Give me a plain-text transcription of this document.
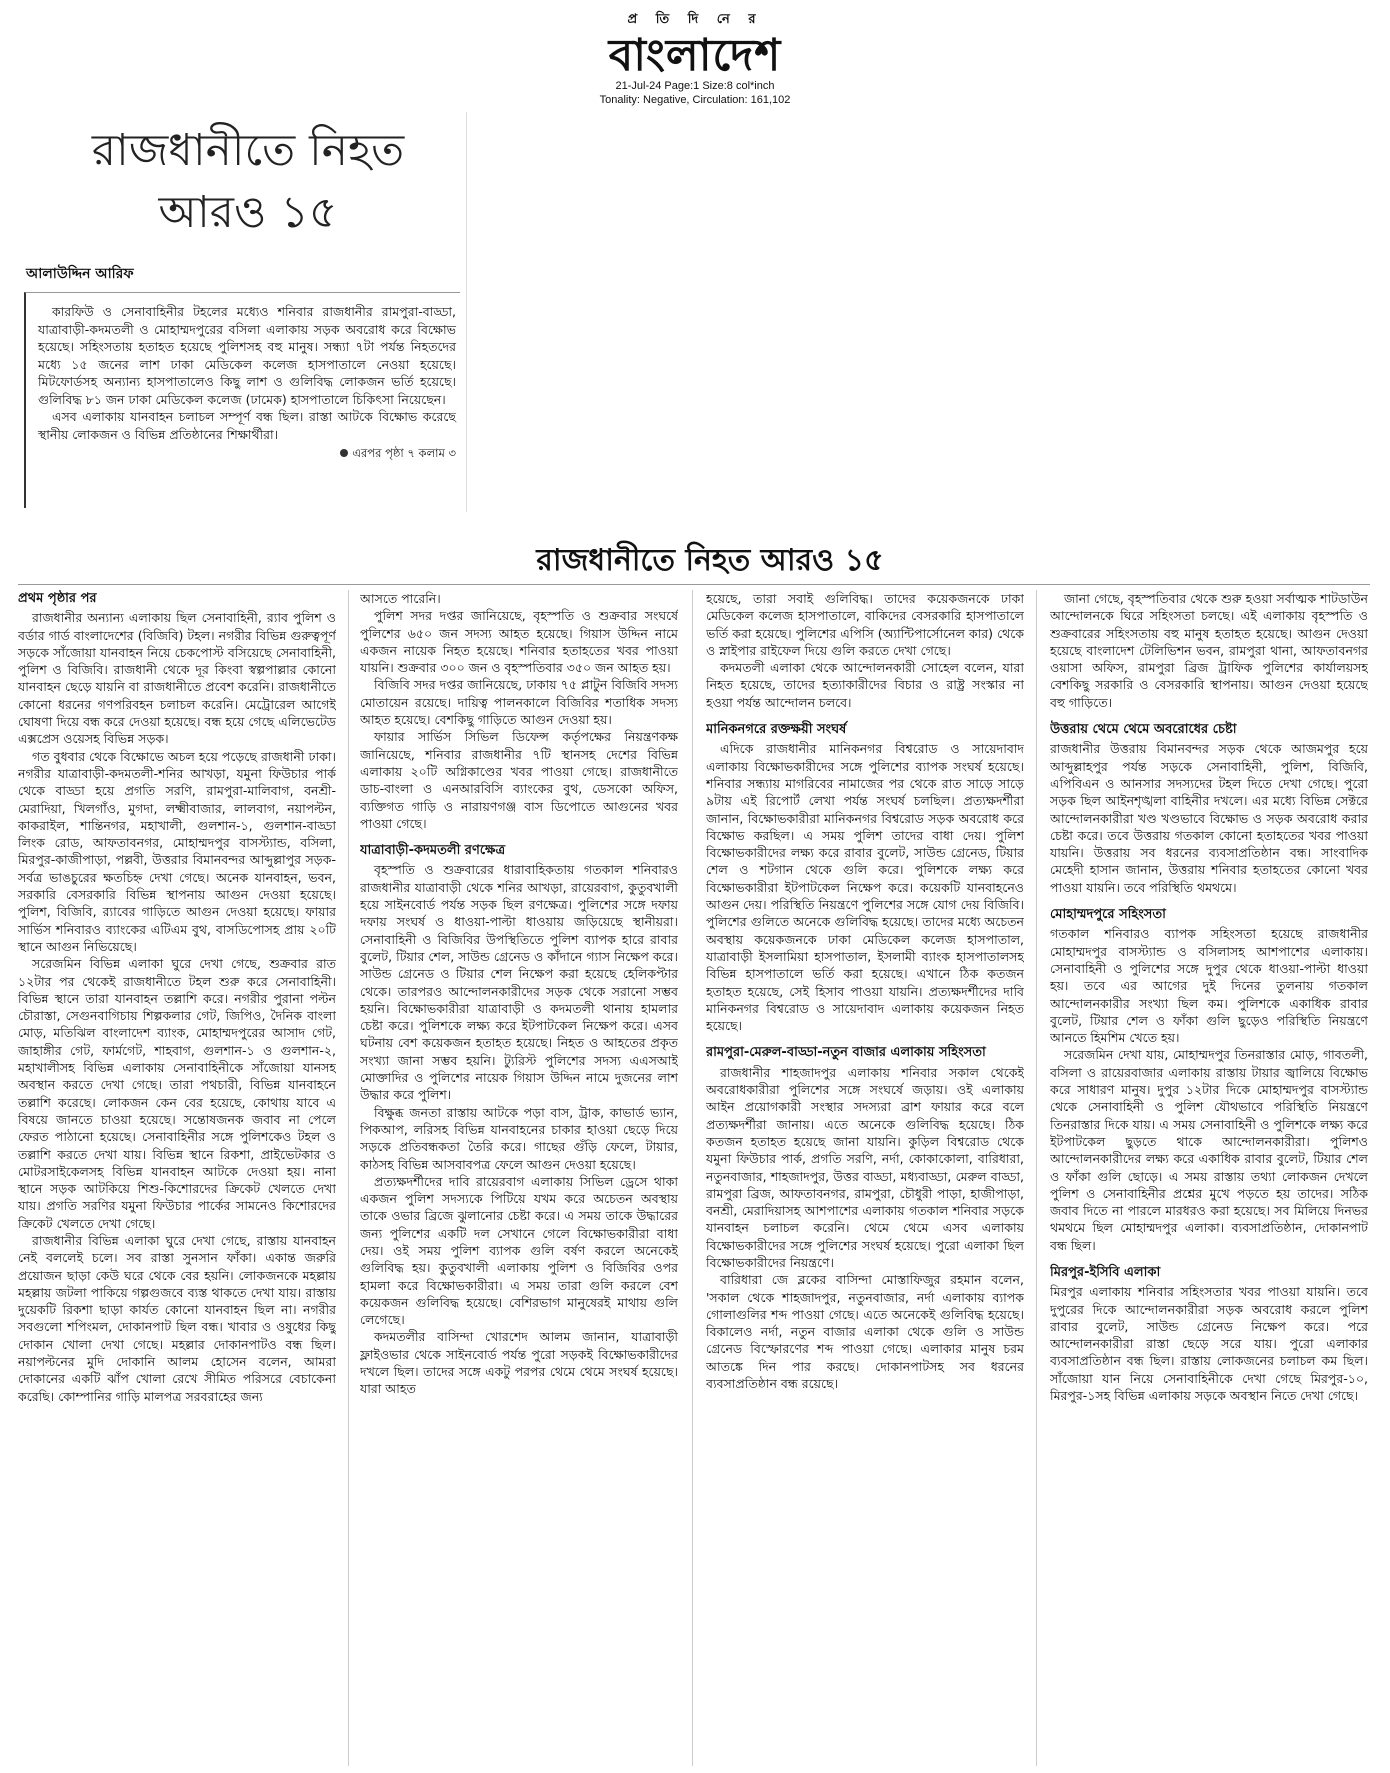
প্র তি দি নে র
বাংলাদেশ
21-Jul-24 Page:1 Size:8 col*inch
Tonality: Negative, Circulation: 161,102
রাজধানীতে নিহত
আরও ১৫
আলাউদ্দিন আরিফ

কারফিউ ও সেনাবাহিনীর টহলের মধ্যেও শনিবার রাজধানীর রামপুরা-বাড্ডা, যাত্রাবাড়ী-কদমতলী ও মোহাম্মদপুরের বসিলা এলাকায় সড়ক অবরোধ করে বিক্ষোভ হয়েছে। সহিংসতায় হতাহত হয়েছে পুলিশসহ বহু মানুষ। সন্ধ্যা ৭টা পর্যন্ত নিহতদের মধ্যে ১৫ জনের লাশ ঢাকা মেডিকেল কলেজ হাসপাতালে নেওয়া হয়েছে। মিটফোর্ডসহ অন্যান্য হাসপাতালেও কিছু লাশ ও গুলিবিদ্ধ লোকজন ভর্তি হয়েছে। গুলিবিদ্ধ ৮১ জন ঢাকা মেডিকেল কলেজ (ঢামেক) হাসপাতালে চিকিৎসা নিয়েছেন।

এসব এলাকায় যানবাহন চলাচল সম্পূর্ণ বন্ধ ছিল। রাস্তা আটকে বিক্ষোভ করেছে স্থানীয় লোকজন ও বিভিন্ন প্রতিষ্ঠানের শিক্ষার্থীরা।

এরপর পৃষ্ঠা ৭ কলাম ৩
রাজধানীতে নিহত আরও ১৫
প্রথম পৃষ্ঠার পর

রাজধানীর অন্যান্য এলাকায় ছিল সেনাবাহিনী, র‍্যাব পুলিশ ও বর্ডার গার্ড বাংলাদেশের (বিজিবি) টহল। নগরীর বিভিন্ন গুরুত্বপূর্ণ সড়কে সাঁজোয়া যানবাহন নিয়ে চেকপোস্ট বসিয়েছে সেনাবাহিনী, পুলিশ ও বিজিবি। রাজধানী থেকে দূর কিংবা স্বল্পপাল্লার কোনো যানবাহন ছেড়ে যায়নি বা রাজধানীতে প্রবেশ করেনি। রাজধানীতে কোনো ধরনের গণপরিবহন চলাচল করেনি। মেট্রোরেল আগেই ঘোষণা দিয়ে বন্ধ করে দেওয়া হয়েছে। বন্ধ হয়ে গেছে এলিভেটেড এক্সপ্রেস ওয়েসহ বিভিন্ন সড়ক।

গত বুধবার থেকে বিক্ষোভে অচল হয়ে পড়েছে রাজধানী ঢাকা। নগরীর যাত্রাবাড়ী-কদমতলী-শনির আখড়া, যমুনা ফিউচার পার্ক থেকে বাড্ডা হয়ে প্রগতি সরণি, রামপুরা-মালিবাগ, বনশ্রী-মেরাদিয়া, খিলগাঁও, মুগদা, লক্ষ্মীবাজার, লালবাগ, নয়াপল্টন, কাকরাইল, শান্তিনগর, মহাখালী, গুলশান-১, গুলশান-বাড্ডা লিংক রোড, আফতাবনগর, মোহাম্মদপুর বাসস্ট্যান্ড, বসিলা, মিরপুর-কাজীপাড়া, পল্লবী, উত্তরার বিমানবন্দর আব্দুল্লাপুর সড়ক-সর্বত্র ভাঙচুরের ক্ষতচিহ্ন দেখা গেছে। অনেক যানবাহন, ভবন, সরকারি বেসরকারি বিভিন্ন স্থাপনায় আগুন দেওয়া হয়েছে। পুলিশ, বিজিবি, র‍্যাবের গাড়িতে আগুন দেওয়া হয়েছে। ফায়ার সার্ভিস শনিবারও ব্যাংকের এটিএম বুথ, বাসডিপোসহ প্রায় ২০টি স্থানে আগুন নিভিয়েছে।

সরেজমিন বিভিন্ন এলাকা ঘুরে দেখা গেছে, শুক্রবার রাত ১২টার পর থেকেই রাজধানীতে টহল শুরু করে সেনাবাহিনী। বিভিন্ন স্থানে তারা যানবাহন তল্লাশি করে। নগরীর পুরানা পল্টন চৌরাস্তা, সেগুনবাগিচায় শিল্পকলার গেট, জিপিও, দৈনিক বাংলা মোড়, মতিঝিল বাংলাদেশ ব্যাংক, মোহাম্মদপুরের আসাদ গেট, জাহাঙ্গীর গেট, ফার্মগেট, শাহবাগ, গুলশান-১ ও গুলশান-২, মহাখালীসহ বিভিন্ন এলাকায় সেনাবাহিনীকে সাঁজোয়া যানসহ অবস্থান করতে দেখা গেছে। তারা পথচারী, বিভিন্ন যানবাহনে তল্লাশি করেছে। লোকজন কেন বের হয়েছে, কোথায় যাবে এ বিষয়ে জানতে চাওয়া হয়েছে। সন্তোষজনক জবাব না পেলে ফেরত পাঠানো হয়েছে। সেনাবাহিনীর সঙ্গে পুলিশকেও টহল ও তল্লাশি করতে দেখা যায়। বিভিন্ন স্থানে রিকশা, প্রাইভেটকার ও মোটরসাইকেলসহ বিভিন্ন যানবাহন আটকে দেওয়া হয়। নানা স্থানে সড়ক আটকিয়ে শিশু-কিশোরদের ক্রিকেট খেলতে দেখা যায়। প্রগতি সরণির যমুনা ফিউচার পার্কের সামনেও কিশোরদের ক্রিকেট খেলতে দেখা গেছে।

রাজধানীর বিভিন্ন এলাকা ঘুরে দেখা গেছে, রাস্তায় যানবাহন নেই বললেই চলে। সব রাস্তা সুনসান ফাঁকা। একান্ত জরুরি প্রয়োজন ছাড়া কেউ ঘরে থেকে বের হয়নি। লোকজনকে মহল্লায় মহল্লায় জটলা পাকিয়ে গল্পগুজবে ব্যস্ত থাকতে দেখা যায়। রাস্তায় দুয়েকটি রিকশা ছাড়া কার্যত কোনো যানবাহন ছিল না। নগরীর সবগুলো শপিংমল, দোকানপাট ছিল বন্ধ। খাবার ও ওষুধের কিছু দোকান খোলা দেখা গেছে। মহল্লার দোকানপাটও বন্ধ ছিল। নয়াপল্টনের মুদি দোকানি আলম হোসেন বলেন, আমরা দোকানের একটি ঝাঁপ খোলা রেখে সীমিত পরিসরে বেচাকেনা করেছি। কোম্পানির গাড়ি মালপত্র সরবরাহের জন্য

আসতে পারেনি।

পুলিশ সদর দপ্তর জানিয়েছে, বৃহস্পতি ও শুক্রবার সংঘর্ষে পুলিশের ৬৫০ জন সদস্য আহত হয়েছে। গিয়াস উদ্দিন নামে একজন নায়েক নিহত হয়েছে। শনিবার হতাহতের খবর পাওয়া যায়নি। শুক্রবার ৩০০ জন ও বৃহস্পতিবার ৩৫০ জন আহত হয়।

বিজিবি সদর দপ্তর জানিয়েছে, ঢাকায় ৭৫ প্লাটুন বিজিবি সদস্য মোতায়েন রয়েছে। দায়িত্ব পালনকালে বিজিবির শতাধিক সদস্য আহত হয়েছে। বেশকিছু গাড়িতে আগুন দেওয়া হয়।

ফায়ার সার্ভিস সিভিল ডিফেন্স কর্তৃপক্ষের নিয়ন্ত্রণকক্ষ জানিয়েছে, শনিবার রাজধানীর ৭টি স্থানসহ দেশের বিভিন্ন এলাকায় ২০টি অগ্নিকাণ্ডের খবর পাওয়া গেছে। রাজধানীতে ডাচ-বাংলা ও এনআরবিসি ব্যাংকের বুথ, ডেসকো অফিস, ব্যক্তিগত গাড়ি ও নারায়ণগঞ্জ বাস ডিপোতে আগুনের খবর পাওয়া গেছে।

যাত্রাবাড়ী-কদমতলী রণক্ষেত্র

বৃহস্পতি ও শুক্রবারের ধারাবাহিকতায় গতকাল শনিবারও রাজধানীর যাত্রাবাড়ী থেকে শনির আখড়া, রায়েরবাগ, কুতুবখালী হয়ে সাইনবোর্ড পর্যন্ত সড়ক ছিল রণক্ষেত্র। পুলিশের সঙ্গে দফায় দফায় সংঘর্ষ ও ধাওয়া-পাল্টা ধাওয়ায় জড়িয়েছে স্থানীয়রা। সেনাবাহিনী ও বিজিবির উপস্থিতিতে পুলিশ ব্যাপক হারে রাবার বুলেট, টিয়ার শেল, সাউন্ড গ্রেনেড ও কাঁদানে গ্যাস নিক্ষেপ করে। সাউন্ড গ্রেনেড ও টিয়ার শেল নিক্ষেপ করা হয়েছে হেলিকপ্টার থেকে। তারপরও আন্দোলনকারীদের সড়ক থেকে সরানো সম্ভব হয়নি। বিক্ষোভকারীরা যাত্রাবাড়ী ও কদমতলী থানায় হামলার চেষ্টা করে। পুলিশকে লক্ষ্য করে ইটপাটকেল নিক্ষেপ করে। এসব ঘটনায় বেশ কয়েকজন হতাহত হয়েছে। নিহত ও আহতের প্রকৃত সংখ্যা জানা সম্ভব হয়নি। ট্যুরিস্ট পুলিশের সদস্য এএসআই মোক্তাদির ও পুলিশের নায়েক গিয়াস উদ্দিন নামে দুজনের লাশ উদ্ধার করে পুলিশ।

বিক্ষুব্ধ জনতা রাস্তায় আটকে পড়া বাস, ট্রাক, কাভার্ড ভ্যান, পিকআপ, লরিসহ বিভিন্ন যানবাহনের চাকার হাওয়া ছেড়ে দিয়ে সড়কে প্রতিবন্ধকতা তৈরি করে। গাছের গুঁড়ি ফেলে, টায়ার, কাঠসহ বিভিন্ন আসবাবপত্র ফেলে আগুন দেওয়া হয়েছে।

প্রত্যক্ষদর্শীদের দাবি রায়েরবাগ এলাকায় সিভিল ড্রেসে থাকা একজন পুলিশ সদস্যকে পিটিয়ে যখম করে অচেতন অবস্থায় তাকে ওভার ব্রিজে ঝুলানোর চেষ্টা করে। এ সময় তাকে উদ্ধারের জন্য পুলিশের একটি দল সেখানে গেলে বিক্ষোভকারীরা বাধা দেয়। ওই সময় পুলিশ ব্যাপক গুলি বর্ষণ করলে অনেকেই গুলিবিদ্ধ হয়। কুতুবখালী এলাকায় পুলিশ ও বিজিবির ওপর হামলা করে বিক্ষোভকারীরা। এ সময় তারা গুলি করলে বেশ কয়েকজন গুলিবিদ্ধ হয়েছে। বেশিরভাগ মানুষেরই মাথায় গুলি লেগেছে।

কদমতলীর বাসিন্দা খোরশেদ আলম জানান, যাত্রাবাড়ী ফ্লাইওভার থেকে সাইনবোর্ড পর্যন্ত পুরো সড়কই বিক্ষোভকারীদের দখলে ছিল। তাদের সঙ্গে একটু পরপর থেমে থেমে সংঘর্ষ হয়েছে। যারা আহত

হয়েছে, তারা সবাই গুলিবিদ্ধ। তাদের কয়েকজনকে ঢাকা মেডিকেল কলেজ হাসপাতালে, বাকিদের বেসরকারি হাসপাতালে ভর্তি করা হয়েছে। পুলিশের এপিসি (অ্যান্টিপার্সোনেল কার) থেকে ও স্নাইপার রাইফেল দিয়ে গুলি করতে দেখা গেছে।

কদমতলী এলাকা থেকে আন্দোলনকারী সোহেল বলেন, যারা নিহত হয়েছে, তাদের হত্যাকারীদের বিচার ও রাষ্ট্র সংস্কার না হওয়া পর্যন্ত আন্দোলন চলবে।

মানিকনগরে রক্তক্ষয়ী সংঘর্ষ

এদিকে রাজধানীর মানিকনগর বিশ্বরোড ও সায়েদাবাদ এলাকায় বিক্ষোভকারীদের সঙ্গে পুলিশের ব্যাপক সংঘর্ষ হয়েছে। শনিবার সন্ধ্যায় মাগরিবের নামাজের পর থেকে রাত সাড়ে সাড়ে ৯টায় এই রিপোর্ট লেখা পর্যন্ত সংঘর্ষ চলছিল। প্রত্যক্ষদর্শীরা জানান, বিক্ষোভকারীরা মানিকনগর বিশ্বরোড সড়ক অবরোধ করে বিক্ষোভ করছিল। এ সময় পুলিশ তাদের বাধা দেয়। পুলিশ বিক্ষোভকারীদের লক্ষ্য করে রাবার বুলেট, সাউন্ড গ্রেনেড, টিয়ার শেল ও শটগান থেকে গুলি করে। পুলিশকে লক্ষ্য করে বিক্ষোভকারীরা ইটপাটকেল নিক্ষেপ করে। কয়েকটি যানবাহনেও আগুন দেয়। পরিস্থিতি নিয়ন্ত্রণে পুলিশের সঙ্গে যোগ দেয় বিজিবি। পুলিশের গুলিতে অনেকে গুলিবিদ্ধ হয়েছে। তাদের মধ্যে অচেতন অবস্থায় কয়েকজনকে ঢাকা মেডিকেল কলেজ হাসপাতাল, যাত্রাবাড়ী ইসলামিয়া হাসপাতাল, ইসলামী ব্যাংক হাসপাতালসহ বিভিন্ন হাসপাতালে ভর্তি করা হয়েছে। এখানে ঠিক কতজন হতাহত হয়েছে, সেই হিসাব পাওয়া যায়নি। প্রত্যক্ষদর্শীদের দাবি মানিকনগর বিশ্বরোড ও সায়েদাবাদ এলাকায় কয়েকজন নিহত হয়েছে।

রামপুরা-মেরুল-বাড্ডা-নতুন বাজার এলাকায় সহিংসতা

রাজধানীর শাহজাদপুর এলাকায় শনিবার সকাল থেকেই অবরোধকারীরা পুলিশের সঙ্গে সংঘর্ষে জড়ায়। ওই এলাকায় আইন প্রয়োগকারী সংস্থার সদস্যরা ব্রাশ ফায়ার করে বলে প্রত্যক্ষদর্শীরা জানায়। এতে অনেকে গুলিবিদ্ধ হয়েছে। ঠিক কতজন হতাহত হয়েছে জানা যায়নি। কুড়িল বিশ্বরোড থেকে যমুনা ফিউচার পার্ক, প্রগতি সরণি, নর্দা, কোকাকোলা, বারিধারা, নতুনবাজার, শাহজাদপুর, উত্তর বাড্ডা, মধ্যবাড্ডা, মেরুল বাড্ডা, রামপুরা ব্রিজ, আফতাবনগর, রামপুরা, চৌধুরী পাড়া, হাজীপাড়া, বনশ্রী, মেরাদিয়াসহ আশপাশের এলাকায় গতকাল শনিবার সড়কে যানবাহন চলাচল করেনি। থেমে থেমে এসব এলাকায় বিক্ষোভকারীদের সঙ্গে পুলিশের সংঘর্ষ হয়েছে। পুরো এলাকা ছিল বিক্ষোভকারীদের নিয়ন্ত্রণে।

বারিধারা জে ব্লকের বাসিন্দা মোস্তাফিজুর রহমান বলেন, 'সকাল থেকে শাহজাদপুর, নতুনবাজার, নর্দা এলাকায় ব্যাপক গোলাগুলির শব্দ পাওয়া গেছে। এতে অনেকেই গুলিবিদ্ধ হয়েছে। বিকালেও নর্দা, নতুন বাজার এলাকা থেকে গুলি ও সাউন্ড গ্রেনেড বিস্ফোরণের শব্দ পাওয়া গেছে। এলাকার মানুষ চরম আতঙ্কে দিন পার করছে। দোকানপাটসহ সব ধরনের ব্যবসাপ্রতিষ্ঠান বন্ধ রয়েছে।

জানা গেছে, বৃহস্পতিবার থেকে শুরু হওয়া সর্বাত্মক শাটডাউন আন্দোলনকে ঘিরে সহিংসতা চলছে। এই এলাকায় বৃহস্পতি ও শুক্রবারের সহিংসতায় বহু মানুষ হতাহত হয়েছে। আগুন দেওয়া হয়েছে বাংলাদেশ টেলিভিশন ভবন, রামপুরা থানা, আফতাবনগর ওয়াসা অফিস, রামপুরা ব্রিজ ট্রাফিক পুলিশের কার্যালয়সহ বেশকিছু সরকারি ও বেসরকারি স্থাপনায়। আগুন দেওয়া হয়েছে বহু গাড়িতে।

উত্তরায় থেমে থেমে অবরোধের চেষ্টা

রাজধানীর উত্তরায় বিমানবন্দর সড়ক থেকে আজমপুর হয়ে আব্দুল্লাহপুর পর্যন্ত সড়কে সেনাবাহিনী, পুলিশ, বিজিবি, এপিবিএন ও আনসার সদস্যদের টহল দিতে দেখা গেছে। পুরো সড়ক ছিল আইনশৃঙ্খলা বাহিনীর দখলে। এর মধ্যে বিভিন্ন সেক্টরে আন্দোলনকারীরা খণ্ড খণ্ডভাবে বিক্ষোভ ও সড়ক অবরোধ করার চেষ্টা করে। তবে উত্তরায় গতকাল কোনো হতাহতের খবর পাওয়া যায়নি। উত্তরায় সব ধরনের ব্যবসাপ্রতিষ্ঠান বন্ধ। সাংবাদিক মেহেদী হাসান জানান, উত্তরায় শনিবার হতাহতের কোনো খবর পাওয়া যায়নি। তবে পরিস্থিতি থমথমে।

মোহাম্মদপুরে সহিংসতা

গতকাল শনিবারও ব্যাপক সহিংসতা হয়েছে রাজধানীর মোহাম্মদপুর বাসস্ট্যান্ড ও বসিলাসহ আশপাশের এলাকায়। সেনাবাহিনী ও পুলিশের সঙ্গে দুপুর থেকে ধাওয়া-পাল্টা ধাওয়া হয়। তবে এর আগের দুই দিনের তুলনায় গতকাল আন্দোলনকারীর সংখ্যা ছিল কম। পুলিশকে একাধিক রাবার বুলেট, টিয়ার শেল ও ফাঁকা গুলি ছুড়েও পরিস্থিতি নিয়ন্ত্রণে আনতে হিমশিম খেতে হয়।

সরেজমিন দেখা যায়, মোহাম্মদপুর তিনরাস্তার মোড়, গাবতলী, বসিলা ও রায়েরবাজার এলাকায় রাস্তায় টায়ার জ্বালিয়ে বিক্ষোভ করে সাধারণ মানুষ। দুপুর ১২টার দিকে মোহাম্মদপুর বাসস্ট্যান্ড থেকে সেনাবাহিনী ও পুলিশ যৌথভাবে পরিস্থিতি নিয়ন্ত্রণে তিনরাস্তার দিকে যায়। এ সময় সেনাবাহিনী ও পুলিশকে লক্ষ্য করে ইটপাটকেল ছুড়তে থাকে আন্দোলনকারীরা। পুলিশও আন্দোলনকারীদের লক্ষ্য করে একাধিক রাবার বুলেট, টিয়ার শেল ও ফাঁকা গুলি ছোড়ে। এ সময় রাস্তায় তথ্যা লোকজন দেখলে পুলিশ ও সেনাবাহিনীর প্রশ্নের মুখে পড়তে হয় তাদের। সঠিক জবাব দিতে না পারলে মারধরও করা হয়েছে। সব মিলিয়ে দিনভর থমথমে ছিল মোহাম্মদপুর এলাকা। ব্যবসাপ্রতিষ্ঠান, দোকানপাট বন্ধ ছিল।

মিরপুর-ইসিবি এলাকা

মিরপুর এলাকায় শনিবার সহিংসতার খবর পাওয়া যায়নি। তবে দুপুরের দিকে আন্দোলনকারীরা সড়ক অবরোধ করলে পুলিশ রাবার বুলেট, সাউন্ড গ্রেনেড নিক্ষেপ করে। পরে আন্দোলনকারীরা রাস্তা ছেড়ে সরে যায়। পুরো এলাকার ব্যবসাপ্রতিষ্ঠান বন্ধ ছিল। রাস্তায় লোকজনের চলাচল কম ছিল। সাঁজোয়া যান নিয়ে সেনাবাহিনীকে দেখা গেছে মিরপুর-১০, মিরপুর-১সহ বিভিন্ন এলাকায় সড়কে অবস্থান নিতে দেখা গেছে।
